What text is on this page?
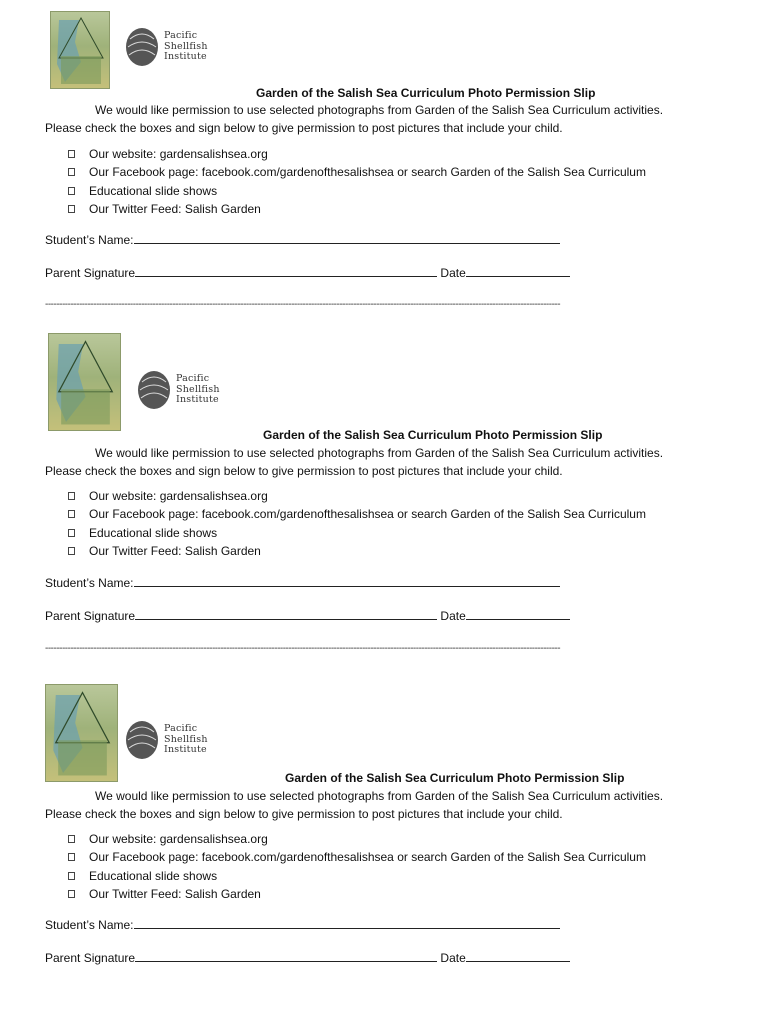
Pacific
Shellfish
Institute
Garden of the Salish Sea Curriculum Photo Permission Slip
We would like permission to use selected photographs from Garden of the Salish Sea Curriculum activities.
Please check the boxes and sign below to give permission to post pictures that include your child.
Our website: gardensalishsea.org
Our Facebook page: facebook.com/gardenofthesalishsea or search Garden of the Salish Sea Curriculum
Educational slide shows
Our Twitter Feed: Salish Garden
Student’s Name:
Parent Signature	Date
--------------------------------------------------------------------------------------------------------------------------------------------------------------------------------------
Pacific
Shellfish
Institute
Garden of the Salish Sea Curriculum Photo Permission Slip
We would like permission to use selected photographs from Garden of the Salish Sea Curriculum activities.
Please check the boxes and sign below to give permission to post pictures that include your child.
Our website: gardensalishsea.org
Our Facebook page: facebook.com/gardenofthesalishsea or search Garden of the Salish Sea Curriculum
Educational slide shows
Our Twitter Feed: Salish Garden
Student’s Name:
Parent Signature	Date
--------------------------------------------------------------------------------------------------------------------------------------------------------------------------------------
Pacific
Shellfish
Institute
Garden of the Salish Sea Curriculum Photo Permission Slip
We would like permission to use selected photographs from Garden of the Salish Sea Curriculum activities.
Please check the boxes and sign below to give permission to post pictures that include your child.
Our website: gardensalishsea.org
Our Facebook page: facebook.com/gardenofthesalishsea or search Garden of the Salish Sea Curriculum
Educational slide shows
Our Twitter Feed: Salish Garden
Student’s Name:
Parent Signature	Date
